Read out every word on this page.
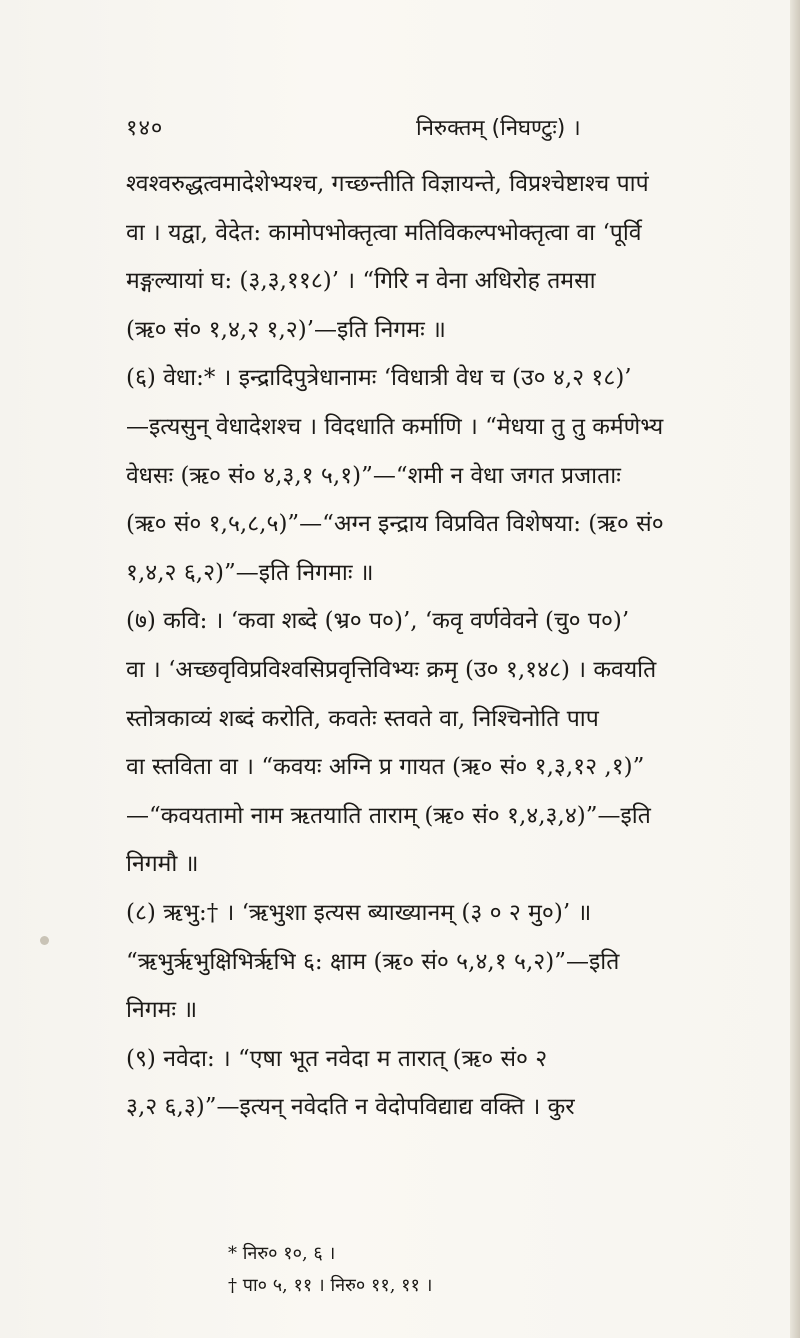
१४०	निरुक्तम् (निघण्टुः) ।
श्वश्वरुद्धत्वमादेशेभ्यश्च, गच्छन्तीति विज्ञायन्ते, विप्रश्चेष्टाश्च पापं
वा । यद्वा, वेदेत: कामोपभोक्तृत्वा मतिविकल्पभोक्तृत्वा वा ‘पूर्वि
मङ्गल्यायां घ: (३,३,११८)’ । “गिरि न वेना अधिरोह तमसा
(ऋ० सं० १,४,२ १,२)’—इति निगमः ॥
(६) वेधा:* । इन्द्रादिपुत्रेधानामः ‘विधात्री वेध च (उ० ४,२ १८)’
—इत्यसुन् वेधादेशश्च । विदधाति कर्माणि । “मेधया तु तु कर्मणेभ्य
वेधसः (ऋ० सं० ४,३,१ ५,१)”—“शमी न वेधा जगत प्रजाताः
(ऋ० सं० १,५,८,५)”—“अग्न इन्द्राय विप्रवित विशेषया: (ऋ० सं०
१,४,२ ६,२)”—इति निगमाः ॥
(७) कवि: । ‘कवा शब्दे (भ्र० प०)’, ‘कवृ वर्णवेवने (चु० प०)’
वा । ‘अच्छवृविप्रविश्वसिप्रवृत्तिविभ्यः क्रमृ (उ० १,१४८) । कवयति
स्तोत्रकाव्यं शब्दं करोति, कवतेः स्तवते वा, निश्चिनोति पाप
वा स्तविता वा । “कवयः अग्नि प्र गायत (ऋ० सं० १,३,१२ ,१)”
—“कवयतामो नाम ऋतयाति ताराम् (ऋ० सं० १,४,३,४)”—इति
निगमौ ॥
(८) ऋभु:† । ‘ऋभुशा इत्यस ब्याख्यानम् (३ ० २ मु०)’ ॥
“ऋभुर्ऋभुक्षिभिर्ऋभि ६: क्षाम (ऋ० सं० ५,४,१ ५,२)”—इति
निगमः ॥
(९) नवेदा: । “एषा भूत नवेदा म तारात् (ऋ० सं० २
३,२ ६,३)”—इत्यन् नवेदति न वेदोपविद्याद्य वक्ति । कुर
* निरु० १०, ६ ।
† पा० ५, ११ । निरु० ११, ११ ।
